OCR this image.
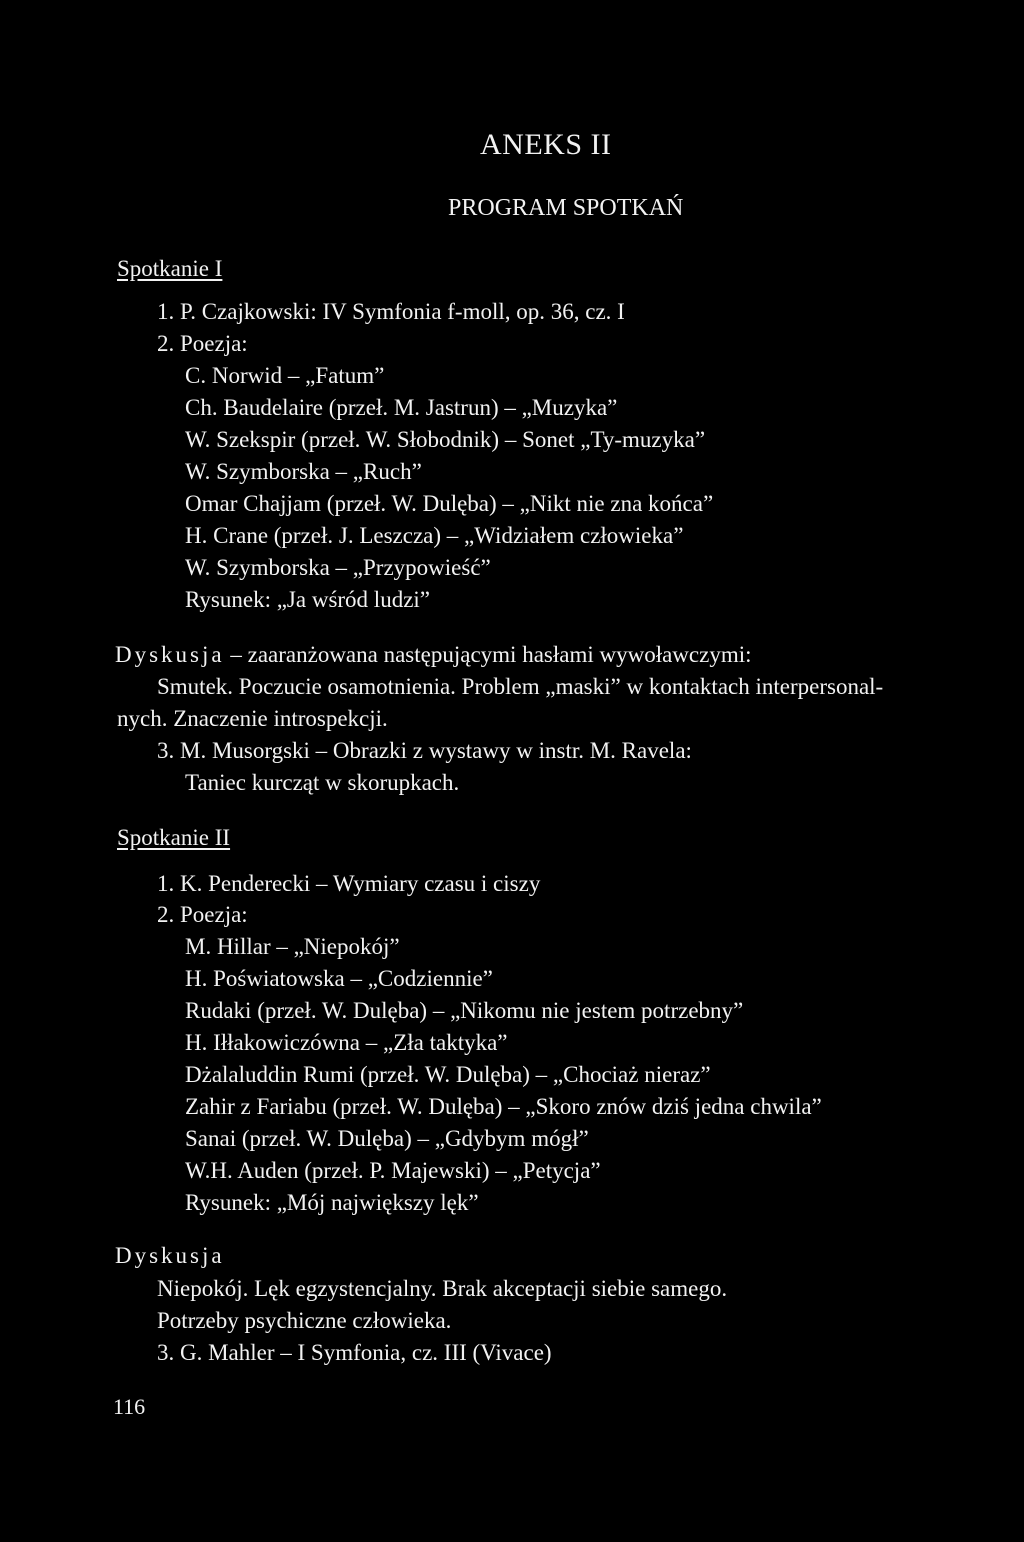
ANEKS II
PROGRAM SPOTKAŃ
Spotkanie I
1. P. Czajkowski: IV Symfonia f-moll, op. 36, cz. I
2. Poezja:
C. Norwid – „Fatum”
Ch. Baudelaire (przeł. M. Jastrun) – „Muzyka”
W. Szekspir (przeł. W. Słobodnik) – Sonet „Ty-muzyka”
W. Szymborska – „Ruch”
Omar Chajjam (przeł. W. Dulęba) – „Nikt nie zna końca”
H. Crane (przeł. J. Leszcza) – „Widziałem człowieka”
W. Szymborska – „Przypowieść”
Rysunek: „Ja wśród ludzi”
Dyskusja – zaaranżowana następującymi hasłami wywoławczymi:
Smutek. Poczucie osamotnienia. Problem „maski” w kontaktach interpersonal-
nych. Znaczenie introspekcji.
3. M. Musorgski – Obrazki z wystawy w instr. M. Ravela:
Taniec kurcząt w skorupkach.
Spotkanie II
1. K. Penderecki – Wymiary czasu i ciszy
2. Poezja:
M. Hillar – „Niepokój”
H. Poświatowska – „Codziennie”
Rudaki (przeł. W. Dulęba) – „Nikomu nie jestem potrzebny”
H. Iłłakowiczówna – „Zła taktyka”
Dżalaluddin Rumi (przeł. W. Dulęba) – „Chociaż nieraz”
Zahir z Fariabu (przeł. W. Dulęba) – „Skoro znów dziś jedna chwila”
Sanai (przeł. W. Dulęba) – „Gdybym mógł”
W.H. Auden (przeł. P. Majewski) – „Petycja”
Rysunek: „Mój największy lęk”
Dyskusja
Niepokój. Lęk egzystencjalny. Brak akceptacji siebie samego.
Potrzeby psychiczne człowieka.
3. G. Mahler – I Symfonia, cz. III (Vivace)
116
